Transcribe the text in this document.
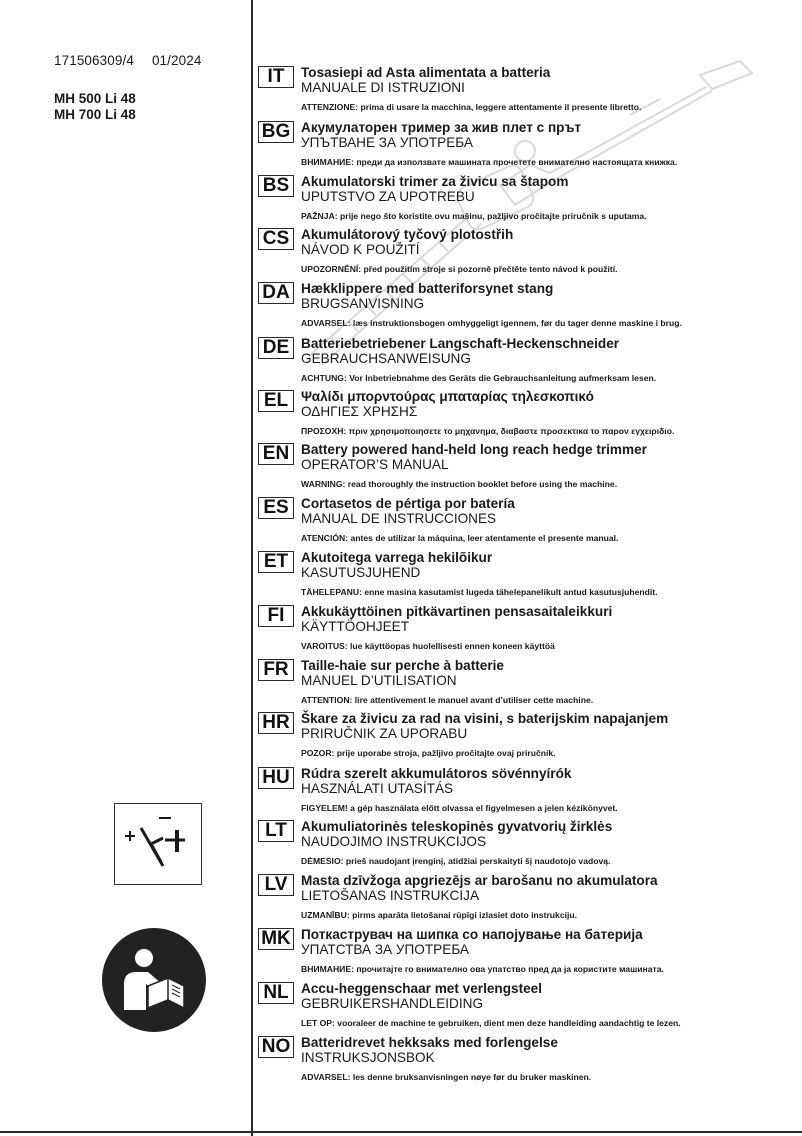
171506309/4 01/2024
MH 500 Li 48
MH 700 Li 48
IT	Tosasiepi ad Asta alimentata a batteria
MANUALE DI ISTRUZIONI
ATTENZIONE: prima di usare la macchina, leggere attentamente il presente libretto.
BG Акумулаторен тример за жив плет с прът
УПЪТВАНЕ ЗА УПОТРЕБА
ВНИМАНИЕ: преди да използвате машината прочетете внимателно настоящата книжка.
BS Akumulatorski trimer za živicu sa štapom
UPUTSTVO ZA UPOTREBU
PAŽNJA: prije nego što koristite ovu mašinu, pažljivo pročitajte priručnik s uputama.
CS Akumulátorový tyčový plotostřih
NÁVOD K POUŽITÍ
UPOZORNĚNÍ: před použitím stroje si pozorně přečtěte tento návod k použití.
DA Hækklippere med batteriforsynet stang
BRUGSANVISNING
ADVARSEL: læs instruktionsbogen omhyggeligt igennem, før du tager denne maskine i brug.
DE Batteriebetriebener Langschaft-Heckenschneider
GEBRAUCHSANWEISUNG
ACHTUNG: Vor Inbetriebnahme des Geräts die Gebrauchsanleitung aufmerksam lesen.
EL Ψαλίδι μπορντούρας μπαταρίας τηλεσκοπικό
ΟΔΗΓΙΕΣ ΧΡΗΣΗΣ
ΠΡΟΣΟΧΗ: πριν χρησιμοποιησετε το μηχανημα, διαβαστε προσεκτικα το παρον εγχειριδιο.
EN Battery powered hand-held long reach hedge trimmer
OPERATOR’S MANUAL
WARNING: read thoroughly the instruction booklet before using the machine.
ES Cortasetos de pértiga por batería
MANUAL DE INSTRUCCIONES
ATENCIÓN: antes de utilizar la máquina, leer atentamente el presente manual.
ET Akutoitega varrega hekilõikur
KASUTUSJUHEND
TÄHELEPANU: enne masina kasutamist lugeda tähelepanelikult antud kasutusjuhendit.
FI	Akkukäyttöinen pitkävartinen pensasaitaleikkuri
KÄYTTÖOHJEET
VAROITUS: lue käyttöopas huolellisesti ennen koneen käyttöä
FR Taille-haie sur perche à batterie
MANUEL D’UTILISATION
ATTENTION: lire attentivement le manuel avant d’utiliser cette machine.
HR Škare za živicu za rad na visini, s baterijskim napajanjem
PRIRUČNIK ZA UPORABU
POZOR: prije uporabe stroja, pažljivo pročitajte ovaj priručnik.
HU Rúdra szerelt akkumulátoros sövénnyírók
HASZNÁLATI UTASÍTÁS
FIGYELEM! a gép használata előtt olvassa el figyelmesen a jelen kézikönyvet.
LT	Akumuliatorinės teleskopinės gyvatvorių žirklės
NAUDOJIMO INSTRUKCIJOS
DĖMESIO: prieš naudojant įrenginį, atidžiai perskaityti šį naudotojo vadovą.
LV Masta dzīvžoga apgriezējs ar barošanu no akumulatora
LIETOŠANAS INSTRUKCIJA
UZMANĪBU: pirms aparāta lietošanai rūpīgi izlasiet doto instrukciju.
MK Поткаструвач на шипка со напојување на батерија
УПАТСТВА ЗА УПОТРЕБА
ВНИМАНИЕ: прочитајте го внимателно ова упатство пред да ја користите машината.
NL Accu-heggenschaar met verlengsteel
GEBRUIKERSHANDLEIDING
LET OP: vooraleer de machine te gebruiken, dient men deze handleiding aandachtig te lezen.
NO Batteridrevet hekksaks med forlengelse
INSTRUKSJONSBOK
ADVARSEL: les denne bruksanvisningen nøye før du bruker maskinen.
